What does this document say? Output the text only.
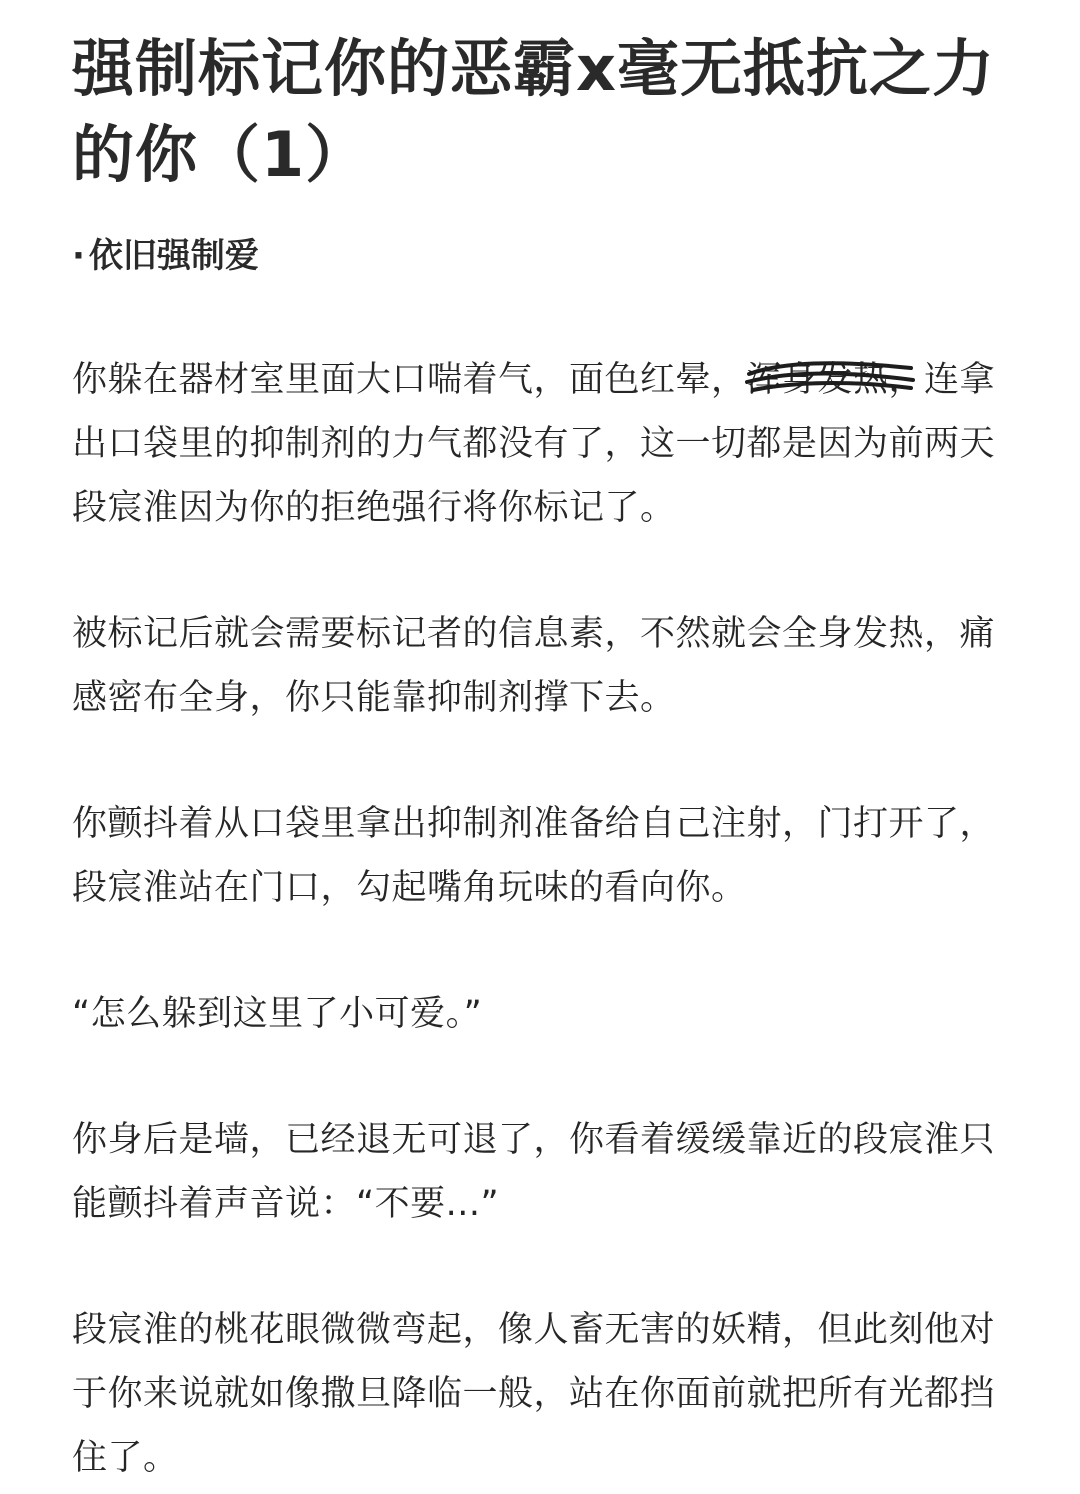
强制标记你的恶霸x毫无抵抗之力的你（1）
· 依旧强制爱

你躲在器材室里面大口喘着气，面色红晕，浑身发热
，连拿出口袋里的抑制剂的力气都没有了，这一切都是因为前两天段宸淮因为你的拒绝强行将你标记了。

被标记后就会需要标记者的信息素，不然就会全身发热，痛感密布全身，你只能靠抑制剂撑下去。

你颤抖着从口袋里拿出抑制剂准备给自己注射，门打开了，段宸淮站在门口，勾起嘴角玩味的看向你。

“怎么躲到这里了小可爱。”

你身后是墙，已经退无可退了，你看着缓缓靠近的段宸淮只能颤抖着声音说：“不要...”

段宸淮的桃花眼微微弯起，像人畜无害的妖精，但此刻他对于你来说就如像撒旦降临一般，站在你面前就把所有光都挡住了。
